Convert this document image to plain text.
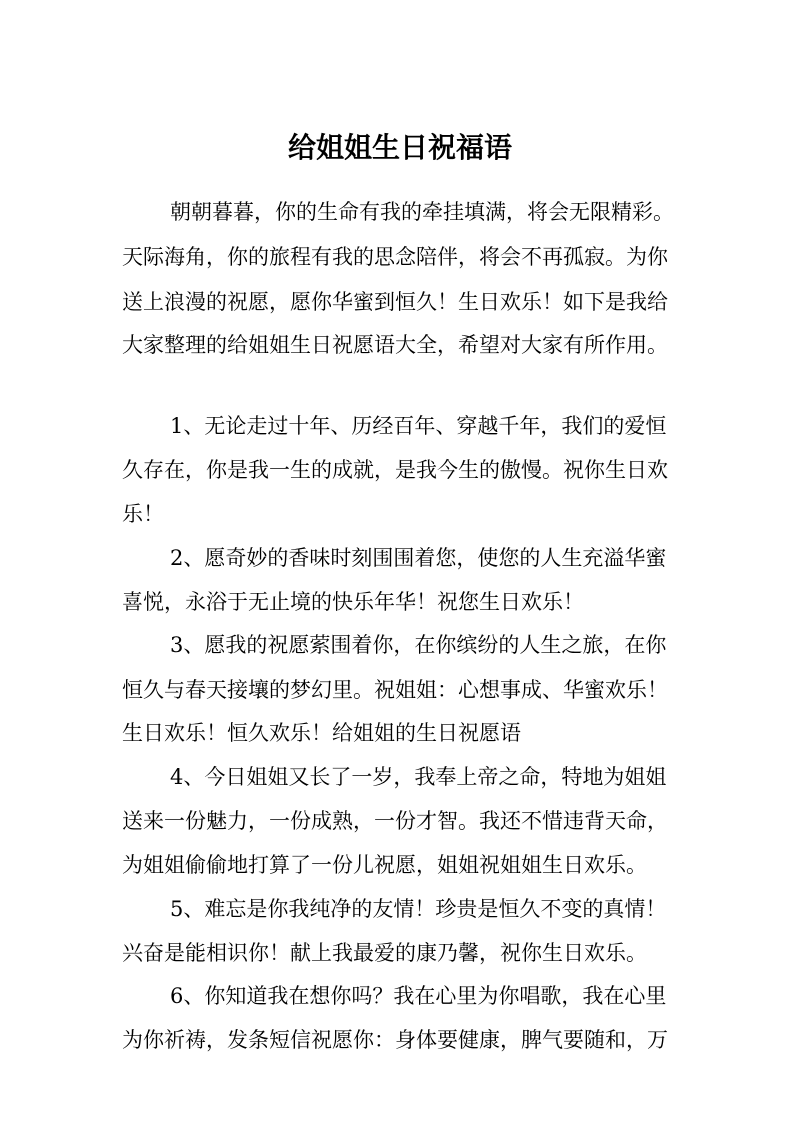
给姐姐生日祝福语
朝朝暮暮，你的生命有我的牵挂填满，将会无限精彩。
天际海角，你的旅程有我的思念陪伴，将会不再孤寂。为你
送上浪漫的祝愿，愿你华蜜到恒久！生日欢乐！如下是我给
大家整理的给姐姐生日祝愿语大全，希望对大家有所作用。
1、无论走过十年、历经百年、穿越千年，我们的爱恒
久存在，你是我一生的成就，是我今生的傲慢。祝你生日欢
乐！
2、愿奇妙的香味时刻围围着您，使您的人生充溢华蜜
喜悦，永浴于无止境的快乐年华！祝您生日欢乐！
3、愿我的祝愿萦围着你，在你缤纷的人生之旅，在你
恒久与春天接壤的梦幻里。祝姐姐：心想事成、华蜜欢乐！
生日欢乐！恒久欢乐！给姐姐的生日祝愿语
4、今日姐姐又长了一岁，我奉上帝之命，特地为姐姐
送来一份魅力，一份成熟，一份才智。我还不惜违背天命，
为姐姐偷偷地打算了一份儿祝愿，姐姐祝姐姐生日欢乐。
5、难忘是你我纯净的友情！珍贵是恒久不变的真情！
兴奋是能相识你！献上我最爱的康乃馨，祝你生日欢乐。
6、你知道我在想你吗？我在心里为你唱歌，我在心里
为你祈祷，发条短信祝愿你：身体要健康，脾气要随和，万
